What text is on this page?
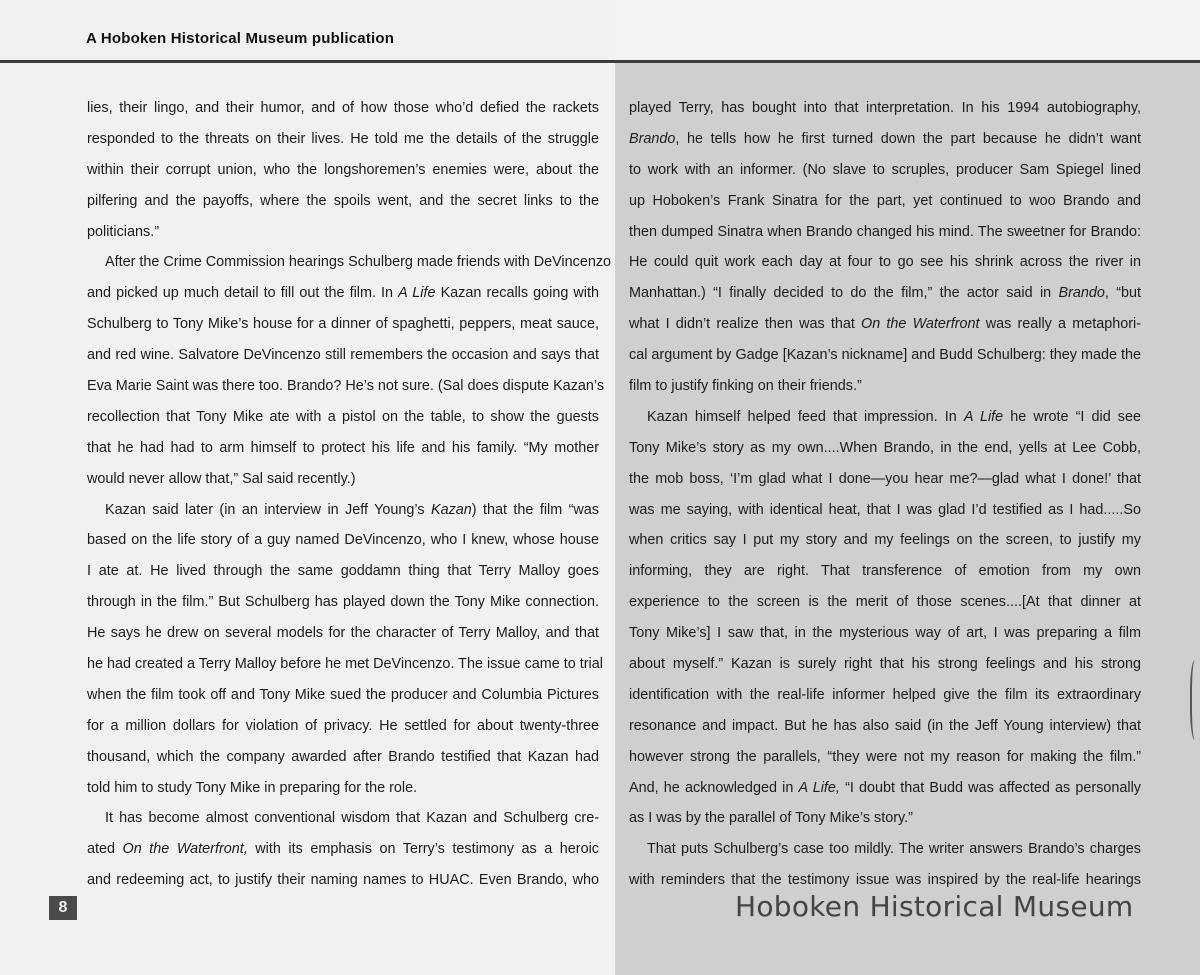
A Hoboken Historical Museum publication
lies, their lingo, and their humor, and of how those who’d defied the rackets
responded to the threats on their lives. He told me the details of the struggle
within their corrupt union, who the longshoremen’s enemies were, about the
pilfering and the payoffs, where the spoils went, and the secret links to the
politicians.”
After the Crime Commission hearings Schulberg made friends with DeVincenzo
and picked up much detail to fill out the film. In A Life Kazan recalls going with
Schulberg to Tony Mike’s house for a dinner of spaghetti, peppers, meat sauce,
and red wine. Salvatore DeVincenzo still remembers the occasion and says that
Eva Marie Saint was there too. Brando? He’s not sure. (Sal does dispute Kazan’s
recollection that Tony Mike ate with a pistol on the table, to show the guests
that he had had to arm himself to protect his life and his family. “My mother
would never allow that,” Sal said recently.)
Kazan said later (in an interview in Jeff Young’s Kazan) that the film “was
based on the life story of a guy named DeVincenzo, who I knew, whose house
I ate at. He lived through the same goddamn thing that Terry Malloy goes
through in the film.” But Schulberg has played down the Tony Mike connection.
He says he drew on several models for the character of Terry Malloy, and that
he had created a Terry Malloy before he met DeVincenzo. The issue came to trial
when the film took off and Tony Mike sued the producer and Columbia Pictures
for a million dollars for violation of privacy. He settled for about twenty-three
thousand, which the company awarded after Brando testified that Kazan had
told him to study Tony Mike in preparing for the role.
It has become almost conventional wisdom that Kazan and Schulberg cre-
ated On the Waterfront, with its emphasis on Terry’s testimony as a heroic
and redeeming act, to justify their naming names to HUAC. Even Brando, who
played Terry, has bought into that interpretation. In his 1994 autobiography,
Brando, he tells how he first turned down the part because he didn’t want
to work with an informer. (No slave to scruples, producer Sam Spiegel lined
up Hoboken’s Frank Sinatra for the part, yet continued to woo Brando and
then dumped Sinatra when Brando changed his mind. The sweetner for Brando:
He could quit work each day at four to go see his shrink across the river in
Manhattan.) “I finally decided to do the film,” the actor said in Brando, “but
what I didn’t realize then was that On the Waterfront was really a metaphori-
cal argument by Gadge [Kazan’s nickname] and Budd Schulberg: they made the
film to justify finking on their friends.”
Kazan himself helped feed that impression. In A Life he wrote “I did see
Tony Mike’s story as my own....When Brando, in the end, yells at Lee Cobb,
the mob boss, ‘I’m glad what I done—you hear me?—glad what I done!’ that
was me saying, with identical heat, that I was glad I’d testified as I had.....So
when critics say I put my story and my feelings on the screen, to justify my
informing, they are right. That transference of emotion from my own
experience to the screen is the merit of those scenes....[At that dinner at
Tony Mike’s] I saw that, in the mysterious way of art, I was preparing a film
about myself.” Kazan is surely right that his strong feelings and his strong
identification with the real-life informer helped give the film its extraordinary
resonance and impact. But he has also said (in the Jeff Young interview) that
however strong the parallels, “they were not my reason for making the film.”
And, he acknowledged in A Life, “I doubt that Budd was affected as personally
as I was by the parallel of Tony Mike’s story.”
That puts Schulberg’s case too mildly. The writer answers Brando’s charges
with reminders that the testimony issue was inspired by the real-life hearings
8	Hoboken Historical Museum
